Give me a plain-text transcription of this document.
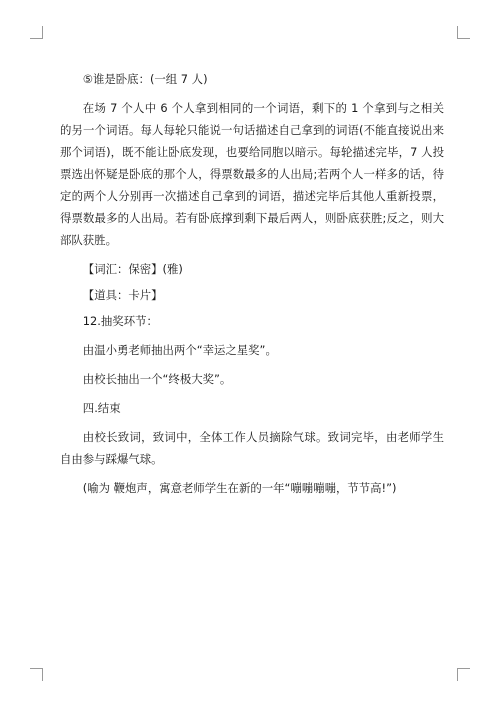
⑤谁是卧底：(一组 7 人)

在场 7 个人中 6 个人拿到相同的一个词语，剩下的 1 个拿到与之相关的另一个词语。每人每轮只能说一句话描述自己拿到的词语(不能直接说出来那个词语)，既不能让卧底发现，也要给同胞以暗示。每轮描述完毕，7 人投票选出怀疑是卧底的那个人，得票数最多的人出局;若两个人一样多的话，待定的两个人分别再一次描述自己拿到的词语，描述完毕后其他人重新投票，得票数最多的人出局。若有卧底撑到剩下最后两人，则卧底获胜;反之，则大部队获胜。

【词汇：保密】(雅)

【道具：卡片】

12.抽奖环节：

由温小勇老师抽出两个“幸运之星奖”。

由校长抽出一个“终极大奖”。

四.结束

由校长致词，致词中，全体工作人员摘除气球。致词完毕，由老师学生自由参与踩爆气球。

(喻为 鞭炮声，寓意老师学生在新的一年“嘣嘣嘣嘣，节节高!”)
